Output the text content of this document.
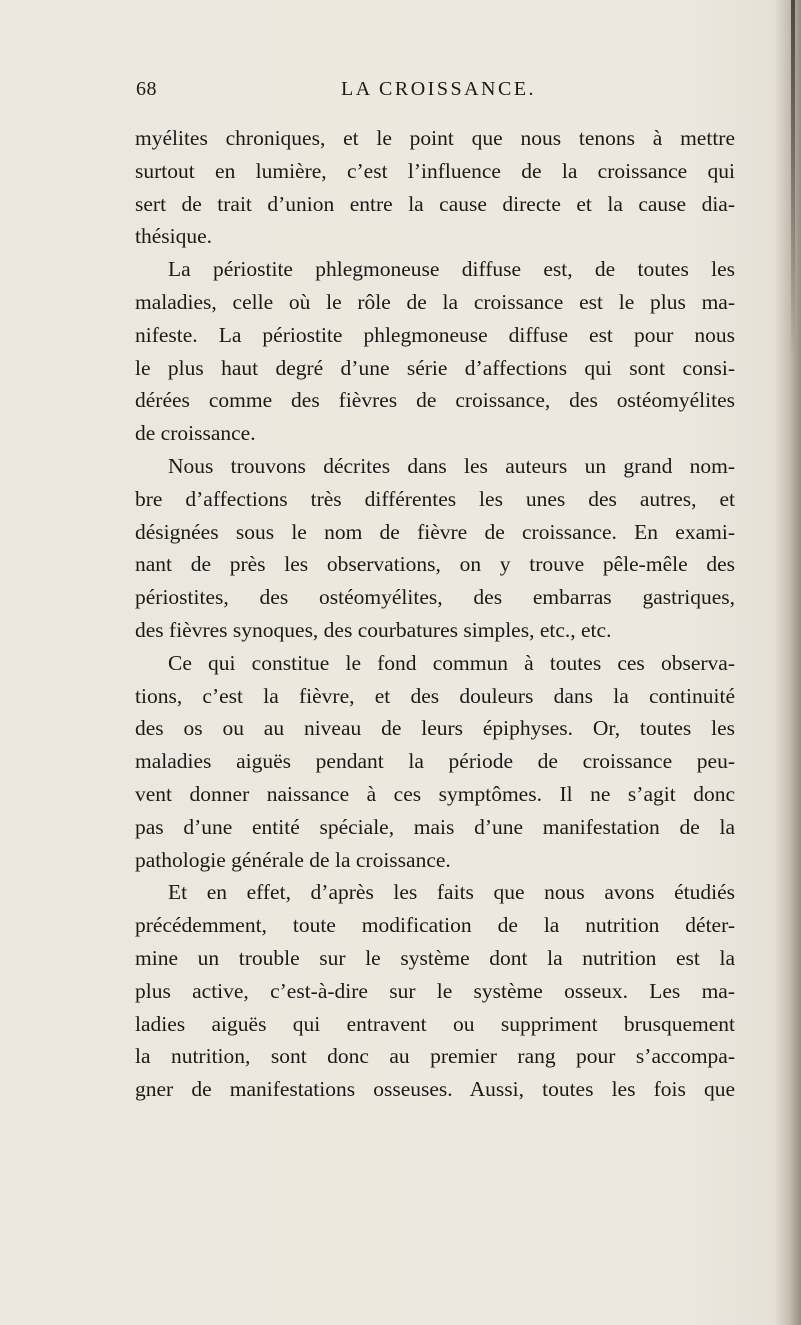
68	LA CROISSANCE.
myélites chroniques, et le point que nous tenons à mettre
surtout en lumière, c’est l’influence de la croissance qui
sert de trait d’union entre la cause directe et la cause dia-
thésique.
La périostite phlegmoneuse diffuse est, de toutes les
maladies, celle où le rôle de la croissance est le plus ma-
nifeste. La périostite phlegmoneuse diffuse est pour nous
le plus haut degré d’une série d’affections qui sont consi-
dérées comme des fièvres de croissance, des ostéomyélites
de croissance.
Nous trouvons décrites dans les auteurs un grand nom-
bre d’affections très différentes les unes des autres, et
désignées sous le nom de fièvre de croissance. En exami-
nant de près les observations, on y trouve pêle-mêle des
périostites, des ostéomyélites, des embarras gastriques,
des fièvres synoques, des courbatures simples, etc., etc.
Ce qui constitue le fond commun à toutes ces observa-
tions, c’est la fièvre, et des douleurs dans la continuité
des os ou au niveau de leurs épiphyses. Or, toutes les
maladies aiguës pendant la période de croissance peu-
vent donner naissance à ces symptômes. Il ne s’agit donc
pas d’une entité spéciale, mais d’une manifestation de la
pathologie générale de la croissance.
Et en effet, d’après les faits que nous avons étudiés
précédemment, toute modification de la nutrition déter-
mine un trouble sur le système dont la nutrition est la
plus active, c’est-à-dire sur le système osseux. Les ma-
ladies aiguës qui entravent ou suppriment brusquement
la nutrition, sont donc au premier rang pour s’accompa-
gner de manifestations osseuses. Aussi, toutes les fois que
